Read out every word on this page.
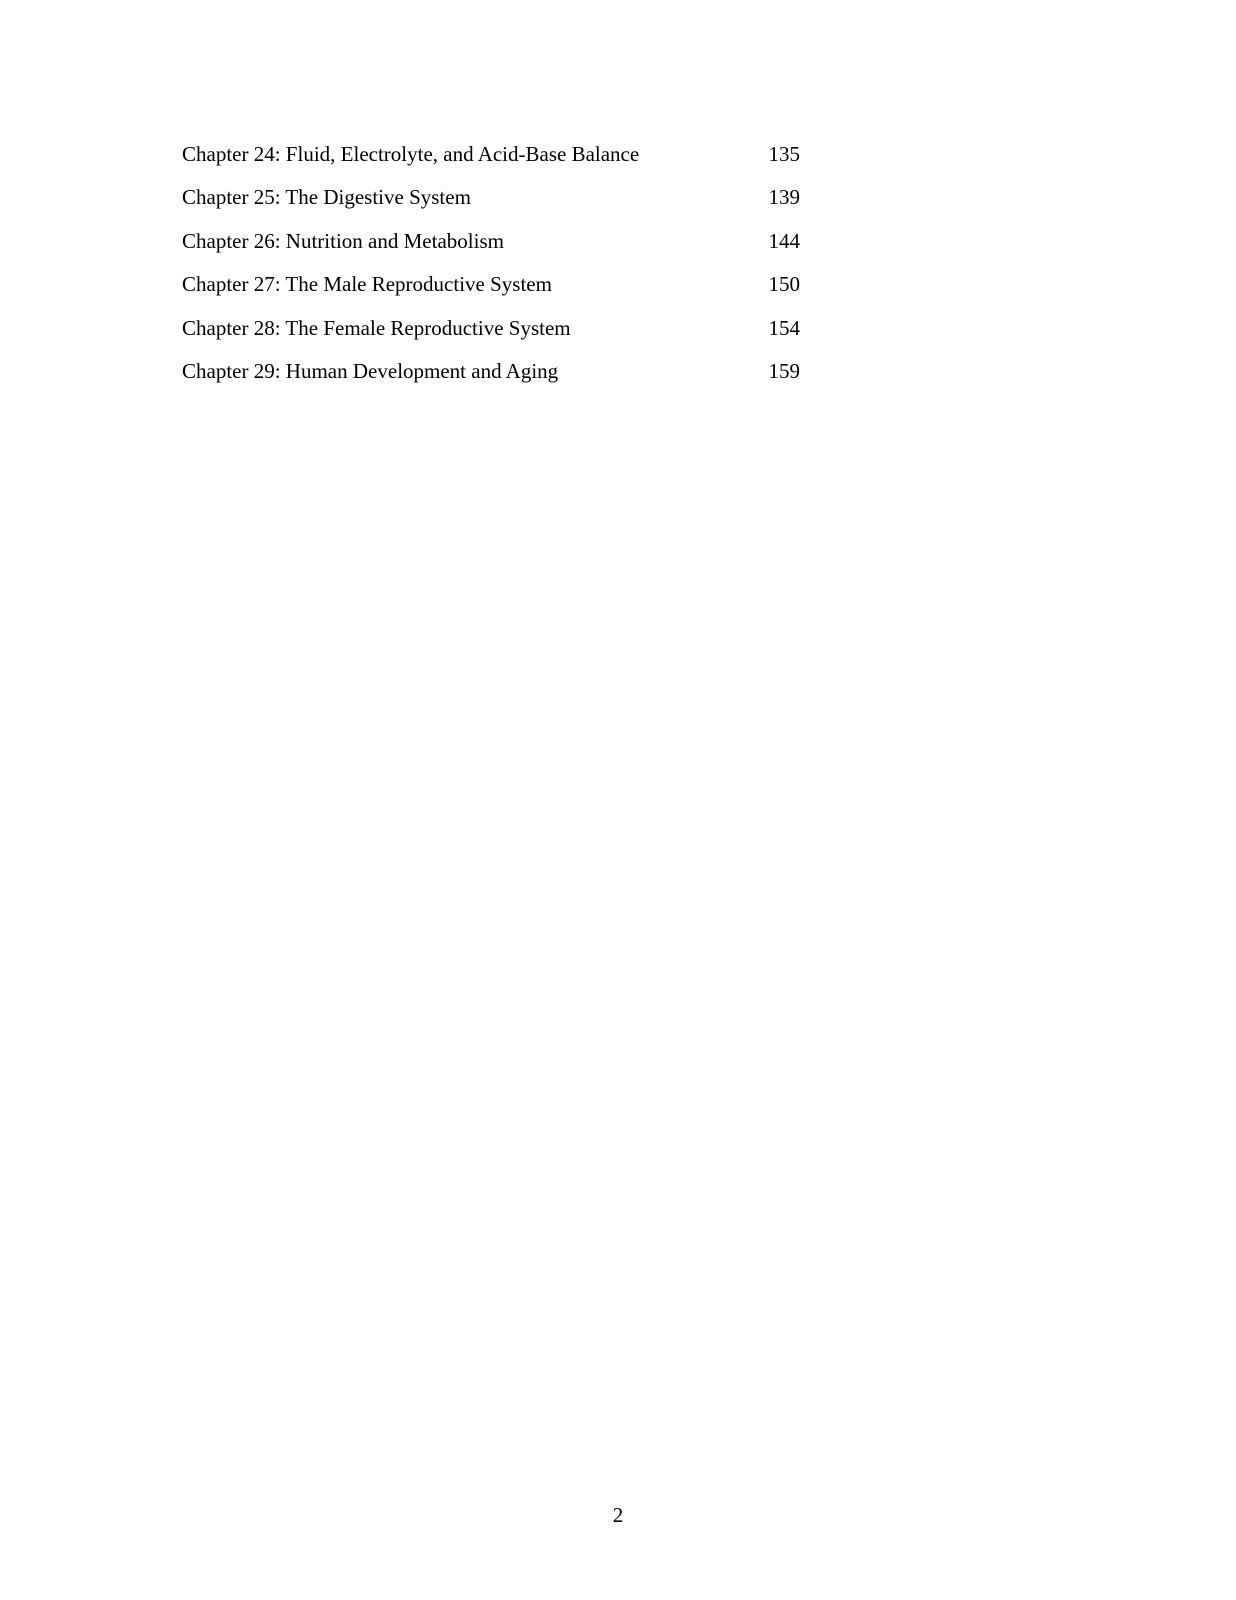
Chapter 24: Fluid, Electrolyte, and Acid-Base Balance	135
Chapter 25: The Digestive System	139
Chapter 26: Nutrition and Metabolism	144
Chapter 27: The Male Reproductive System	150
Chapter 28: The Female Reproductive System	154
Chapter 29: Human Development and Aging	159
2
